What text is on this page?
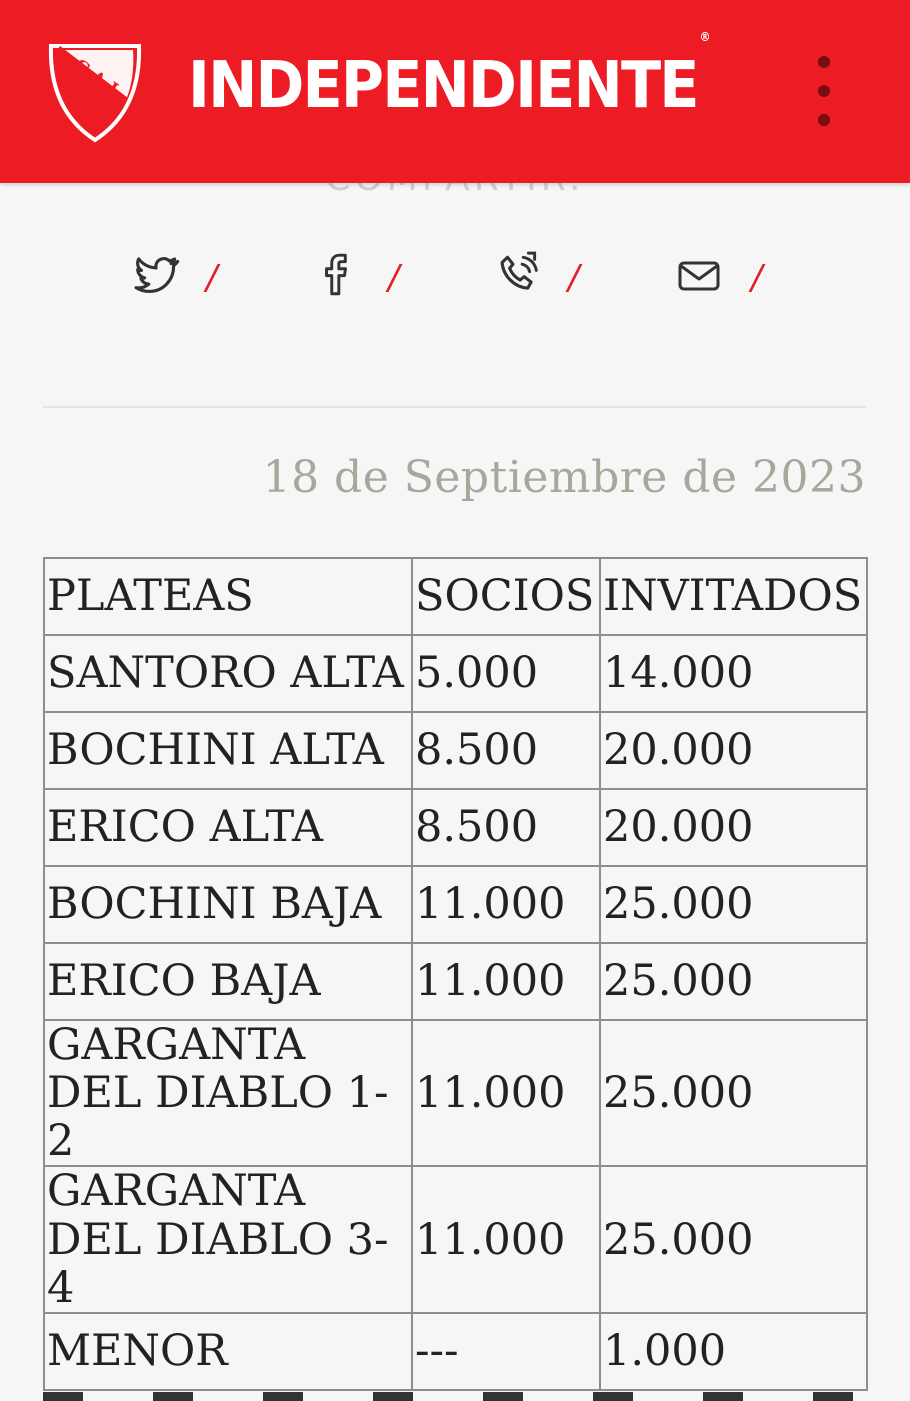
C.A.I. INDEPENDIENTE®
/	/	/	/
18 de Septiembre de 2023
PLATEAS	SOCIOS	INVITADOS
SANTORO ALTA	5.000	14.000
BOCHINI ALTA	8.500	20.000
ERICO ALTA	8.500	20.000
BOCHINI BAJA	11.000	25.000
ERICO BAJA	11.000	25.000
GARGANTA DEL DIABLO 1-2	11.000	25.000
GARGANTA DEL DIABLO 3-4	11.000	25.000
MENOR	---	1.000
